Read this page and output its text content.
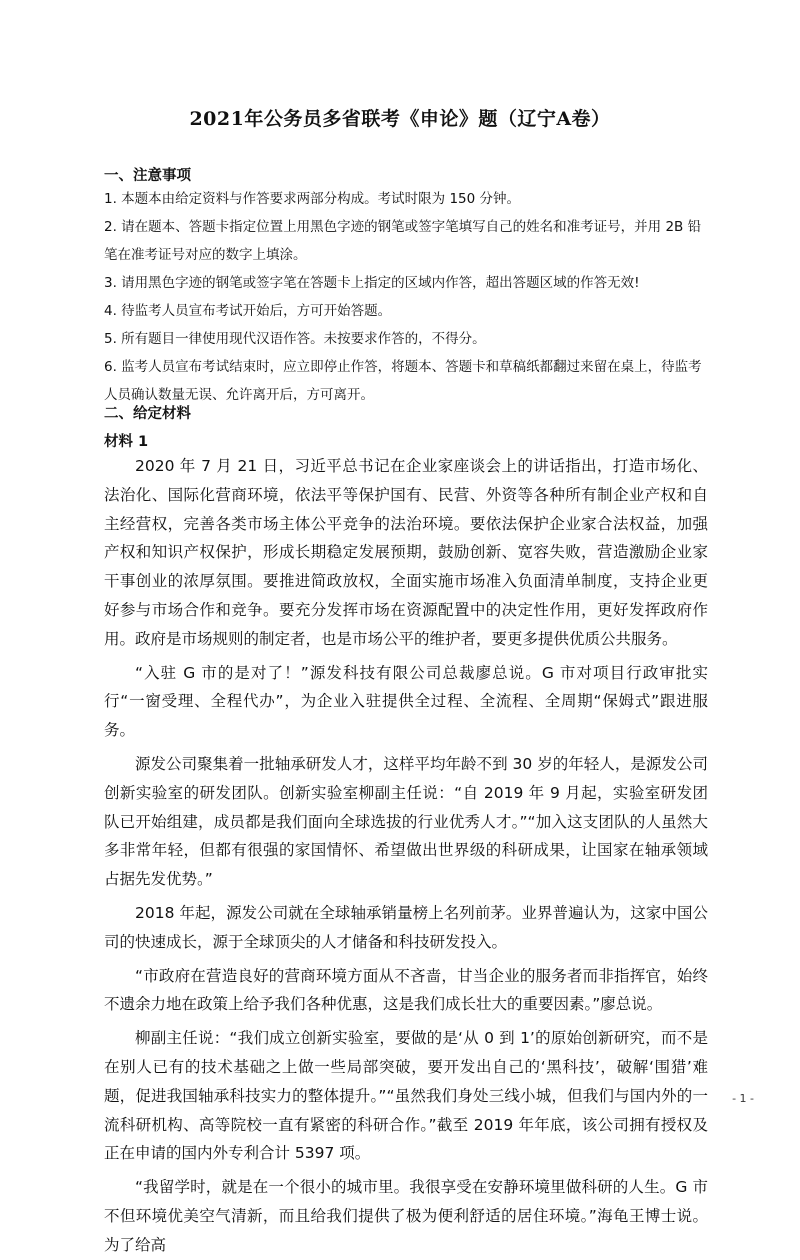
2021年公务员多省联考《申论》题（辽宁A卷）
一、注意事项
1. 本题本由给定资料与作答要求两部分构成。考试时限为 150 分钟。
2. 请在题本、答题卡指定位置上用黑色字迹的钢笔或签字笔填写自己的姓名和准考证号，并用 2B 铅笔在准考证号对应的数字上填涂。
3. 请用黑色字迹的钢笔或签字笔在答题卡上指定的区域内作答，超出答题区域的作答无效!
4. 待监考人员宣布考试开始后，方可开始答题。
5. 所有题目一律使用现代汉语作答。未按要求作答的，不得分。
6. 监考人员宣布考试结束时，应立即停止作答，将题本、答题卡和草稿纸都翻过来留在桌上，待监考人员确认数量无误、允许离开后，方可离开。
二、给定材料
材料 1

2020 年 7 月 21 日，习近平总书记在企业家座谈会上的讲话指出，打造市场化、法治化、国际化营商环境，依法平等保护国有、民营、外资等各种所有制企业产权和自主经营权，完善各类市场主体公平竞争的法治环境。要依法保护企业家合法权益，加强产权和知识产权保护，形成长期稳定发展预期，鼓励创新、宽容失败，营造激励企业家干事创业的浓厚氛围。要推进简政放权，全面实施市场准入负面清单制度，支持企业更好参与市场合作和竞争。要充分发挥市场在资源配置中的决定性作用，更好发挥政府作用。政府是市场规则的制定者，也是市场公平的维护者，要更多提供优质公共服务。

“入驻 G 市的是对了！”源发科技有限公司总裁廖总说。G 市对项目行政审批实行“一窗受理、全程代办”，为企业入驻提供全过程、全流程、全周期“保姆式”跟进服务。

源发公司聚集着一批轴承研发人才，这样平均年龄不到 30 岁的年轻人，是源发公司创新实验室的研发团队。创新实验室柳副主任说：“自 2019 年 9 月起，实验室研发团队已开始组建，成员都是我们面向全球选拔的行业优秀人才。”“加入这支团队的人虽然大多非常年轻，但都有很强的家国情怀、希望做出世界级的科研成果，让国家在轴承领域占据先发优势。”

2018 年起，源发公司就在全球轴承销量榜上名列前茅。业界普遍认为，这家中国公司的快速成长，源于全球顶尖的人才储备和科技研发投入。

“市政府在营造良好的营商环境方面从不吝啬，甘当企业的服务者而非指挥官，始终不遗余力地在政策上给予我们各种优惠，这是我们成长壮大的重要因素。”廖总说。

柳副主任说：“我们成立创新实验室，要做的是‘从 0 到 1’的原始创新研究，而不是在别人已有的技术基础之上做一些局部突破，要开发出自己的‘黑科技’，破解‘围猎’难题，促进我国轴承科技实力的整体提升。”“虽然我们身处三线小城，但我们与国内外的一流科研机构、高等院校一直有紧密的科研合作。”截至 2019 年年底，该公司拥有授权及正在申请的国内外专利合计 5397 项。

“我留学时，就是在一个很小的城市里。我很享受在安静环境里做科研的人生。G 市不但环境优美空气清新，而且给我们提供了极为便利舒适的居住环境。”海龟王博士说。为了给高

- 1 -
